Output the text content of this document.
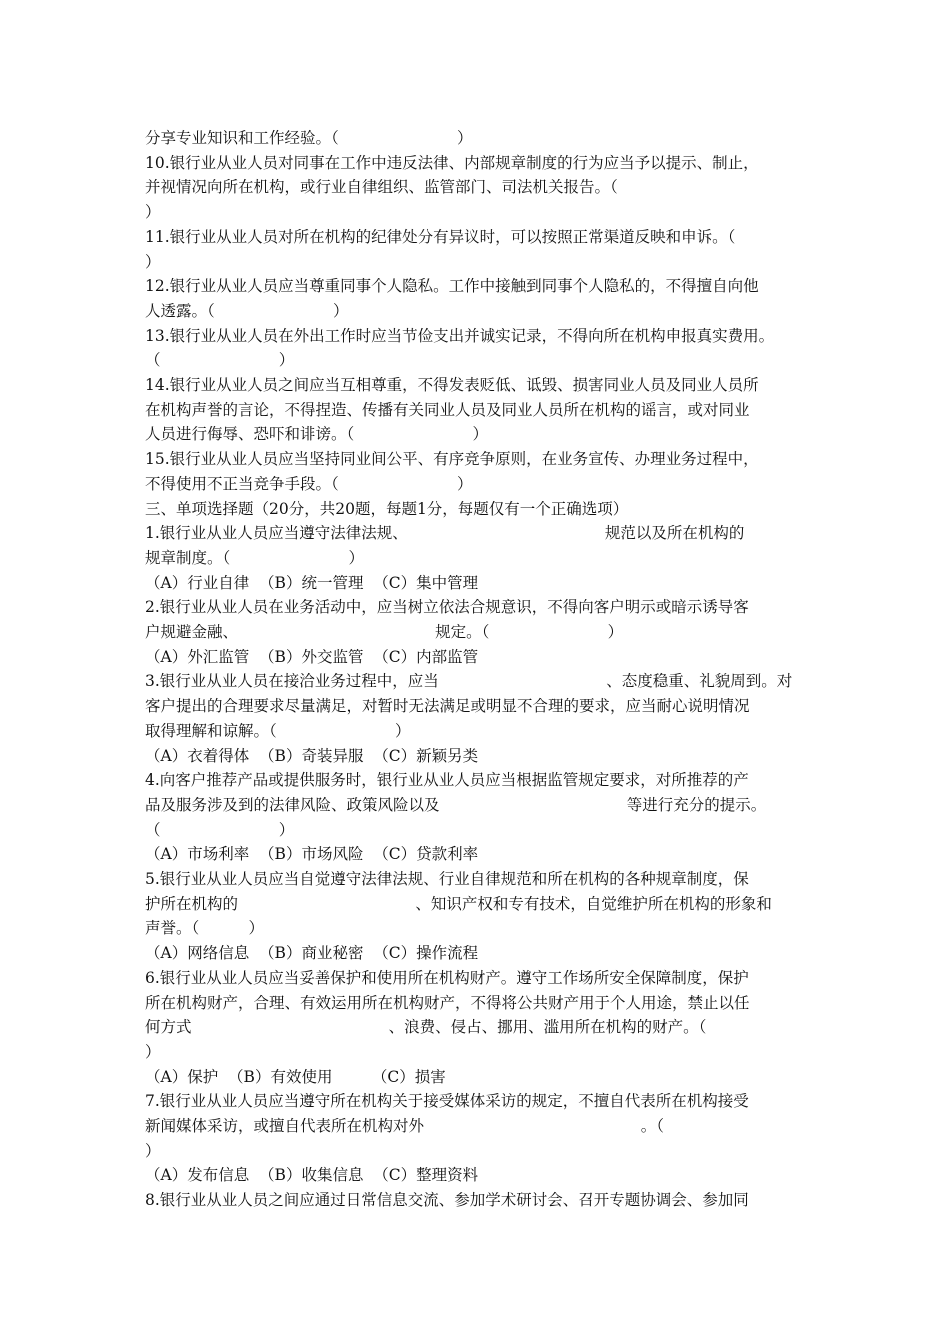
分享专业知识和工作经验。（                        ）
10.银行业从业人员对同事在工作中违反法律、内部规章制度的行为应当予以提示、制止，
并视情况向所在机构，或行业自律组织、监管部门、司法机关报告。（
）
11.银行业从业人员对所在机构的纪律处分有异议时，可以按照正常渠道反映和申诉。（
）
12.银行业从业人员应当尊重同事个人隐私。工作中接触到同事个人隐私的，不得擅自向他
人透露。（                        ）
13.银行业从业人员在外出工作时应当节俭支出并诚实记录，不得向所在机构申报真实费用。
（                        ）
14.银行业从业人员之间应当互相尊重，不得发表贬低、诋毁、损害同业人员及同业人员所
在机构声誉的言论，不得捏造、传播有关同业人员及同业人员所在机构的谣言，或对同业
人员进行侮辱、恐吓和诽谤。（                        ）
15.银行业从业人员应当坚持同业间公平、有序竞争原则，在业务宣传、办理业务过程中，
不得使用不正当竞争手段。（                        ）
三、单项选择题（20分，共20题，每题1分，每题仅有一个正确选项）
1.银行业从业人员应当遵守法律法规、                                        规范以及所在机构的
规章制度。（                        ）
（A）行业自律  （B）统一管理  （C）集中管理
2.银行业从业人员在业务活动中，应当树立依法合规意识，不得向客户明示或暗示诱导客
户规避金融、                                        规定。（                        ）
（A）外汇监管  （B）外交监管  （C）内部监管
3.银行业从业人员在接洽业务过程中，应当                                  、态度稳重、礼貌周到。对
客户提出的合理要求尽量满足，对暂时无法满足或明显不合理的要求，应当耐心说明情况
取得理解和谅解。（                        ）
（A）衣着得体  （B）奇装异服  （C）新颖另类
4.向客户推荐产品或提供服务时，银行业从业人员应当根据监管规定要求，对所推荐的产
品及服务涉及到的法律风险、政策风险以及                                      等进行充分的提示。
（                        ）
（A）市场利率  （B）市场风险  （C）贷款利率
5.银行业从业人员应当自觉遵守法律法规、行业自律规范和所在机构的各种规章制度，保
护所在机构的                                    、知识产权和专有技术，自觉维护所在机构的形象和
声誉。（          ）
（A）网络信息  （B）商业秘密  （C）操作流程
6.银行业从业人员应当妥善保护和使用所在机构财产。遵守工作场所安全保障制度，保护
所在机构财产，合理、有效运用所在机构财产，不得将公共财产用于个人用途，禁止以任
何方式                                        、浪费、侵占、挪用、滥用所在机构的财产。（
）
（A）保护  （B）有效使用        （C）损害
7.银行业从业人员应当遵守所在机构关于接受媒体采访的规定，不擅自代表所在机构接受
新闻媒体采访，或擅自代表所在机构对外                                            。（
）
（A）发布信息  （B）收集信息  （C）整理资料
8.银行业从业人员之间应通过日常信息交流、参加学术研讨会、召开专题协调会、参加同
